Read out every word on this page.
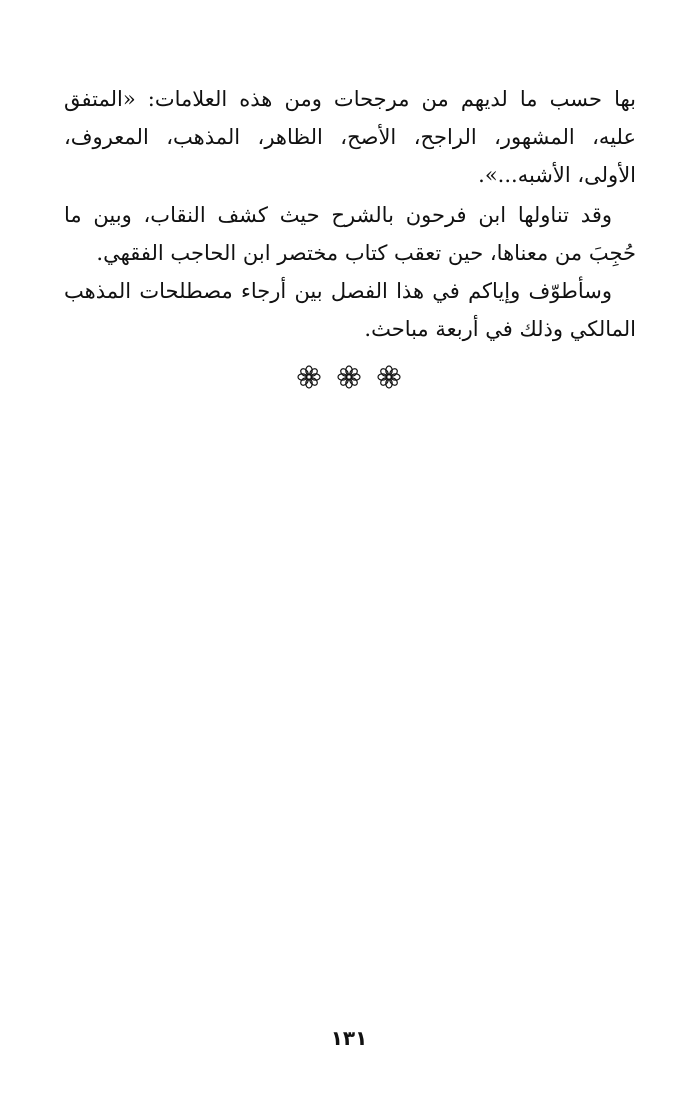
بها حسب ما لديهم من مرجحات ومن هذه العلامات: «المتفق عليه، المشهور، الراجح، الأصح، الظاهر، المذهب، المعروف، الأولى، الأشبه...».

وقد تناولها ابن فرحون بالشرح حيث كشف النقاب، وبين ما حُجِبَ من معناها، حين تعقب كتاب مختصر ابن الحاجب الفقهي.

وسأطوّف وإياكم في هذا الفصل بين أرجاء مصطلحات المذهب المالكي وذلك في أربعة مباحث.

١٣١
